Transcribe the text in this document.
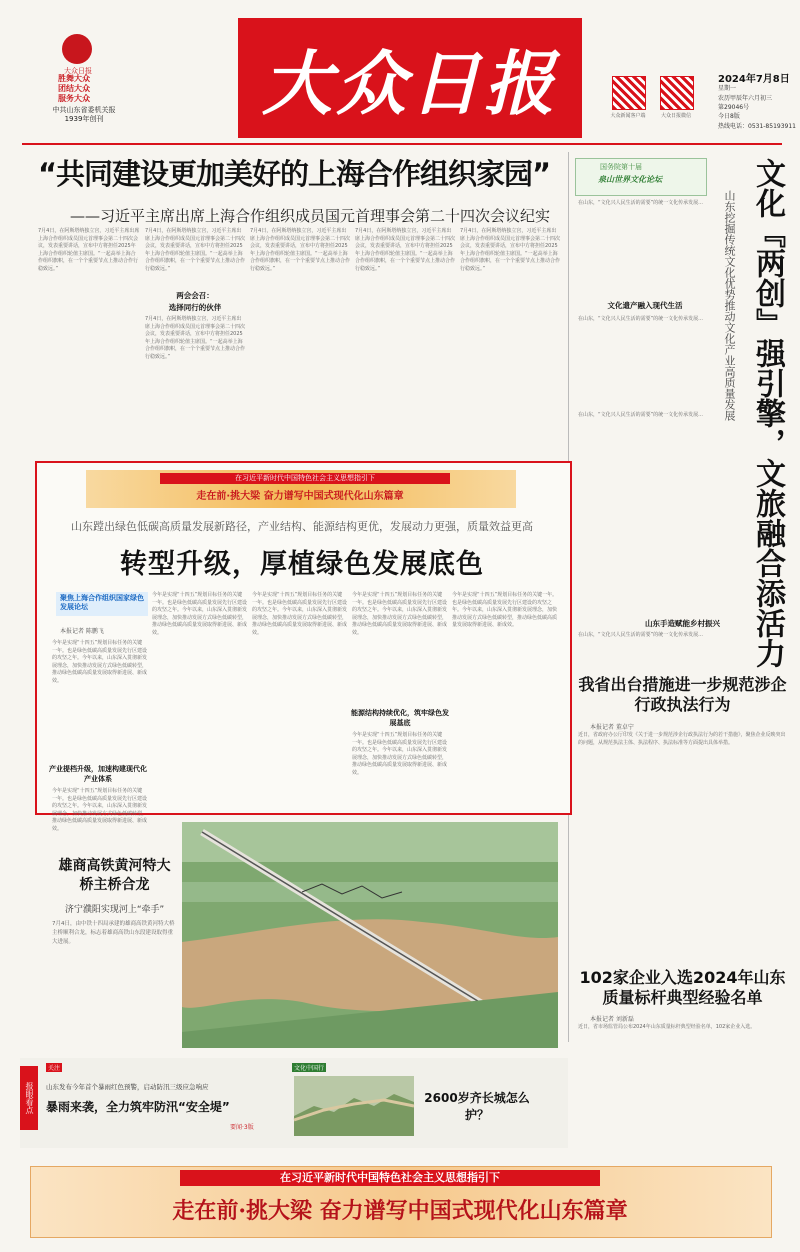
大众日报
胜舞大众
团结大众
服务大众
中共山东省委机关报
1939年创刊 大众日报	大众新闻客户端	大众日报微信
2024年7月8日
星期一
农历甲辰年六月初三
第29046号
今日8版
热线电话：0531-85193911
“共同建设更加美好的上海合作组织家园”
——习近平主席出席上海合作组织成员国元首理事会第二十四次会议纪实
7月4日，在阿斯塔纳独立宫，习近平主席出席上海合作组织成员国元首理事会第二十四次会议，发表重要讲话，宣布中方将担任2025年上海合作组织轮值主席国。“一起高举上海合作组织旗帜，在一个个重要节点上推动合作行稳致远。”
7月4日，在阿斯塔纳独立宫，习近平主席出席上海合作组织成员国元首理事会第二十四次会议，发表重要讲话，宣布中方将担任2025年上海合作组织轮值主席国。“一起高举上海合作组织旗帜，在一个个重要节点上推动合作行稳致远。”
两会会召：
选择同行的伙伴
7月4日，在阿斯塔纳独立宫，习近平主席出席上海合作组织成员国元首理事会第二十四次会议，发表重要讲话，宣布中方将担任2025年上海合作组织轮值主席国。“一起高举上海合作组织旗帜，在一个个重要节点上推动合作行稳致远。”
7月4日，在阿斯塔纳独立宫，习近平主席出席上海合作组织成员国元首理事会第二十四次会议，发表重要讲话，宣布中方将担任2025年上海合作组织轮值主席国。“一起高举上海合作组织旗帜，在一个个重要节点上推动合作行稳致远。”
7月4日，在阿斯塔纳独立宫，习近平主席出席上海合作组织成员国元首理事会第二十四次会议，发表重要讲话，宣布中方将担任2025年上海合作组织轮值主席国。“一起高举上海合作组织旗帜，在一个个重要节点上推动合作行稳致远。”
7月4日，在阿斯塔纳独立宫，习近平主席出席上海合作组织成员国元首理事会第二十四次会议，发表重要讲话，宣布中方将担任2025年上海合作组织轮值主席国。“一起高举上海合作组织旗帜，在一个个重要节点上推动合作行稳致远。”
国务院第十届
泉山世界文化论坛	文化『两创』强引擎，文旅融合添活力
山东挖掘传统文化优势推动文化产业高质量发展
在山东，“文化兴人民生活的需要”的统一文化传承发展...
文化遗产融入现代生活
在山东，“文化兴人民生活的需要”的统一文化传承发展...
在山东，“文化兴人民生活的需要”的统一文化传承发展...
山东手造赋能乡村振兴
在山东，“文化兴人民生活的需要”的统一文化传承发展...
在习近平新时代中国特色社会主义思想指引下
走在前·挑大梁 奋力谱写中国式现代化山东篇章
山东蹚出绿色低碳高质量发展新路径，产业结构、能源结构更优，发展动力更强，质量效益更高
转型升级，厚植绿色发展底色
聚焦上海合作组织国家绿色发展论坛
本报记者 陈鹏飞
今年是实现“十四五”规划目标任务的关键一年。也是绿色低碳高质量发展先行区建设的攻坚之年。今年以来，山东深入贯彻新发展理念，加快推动发展方式绿色低碳转型，推动绿色低碳高质量发展取得新进展、新成效。
产业提档升级，加速构建现代化产业体系
今年是实现“十四五”规划目标任务的关键一年。也是绿色低碳高质量发展先行区建设的攻坚之年。今年以来，山东深入贯彻新发展理念，加快推动发展方式绿色低碳转型，推动绿色低碳高质量发展取得新进展、新成效。
今年是实现“十四五”规划目标任务的关键一年。也是绿色低碳高质量发展先行区建设的攻坚之年。今年以来，山东深入贯彻新发展理念，加快推动发展方式绿色低碳转型，推动绿色低碳高质量发展取得新进展、新成效。
今年是实现“十四五”规划目标任务的关键一年。也是绿色低碳高质量发展先行区建设的攻坚之年。今年以来，山东深入贯彻新发展理念，加快推动发展方式绿色低碳转型，推动绿色低碳高质量发展取得新进展、新成效。
今年是实现“十四五”规划目标任务的关键一年。也是绿色低碳高质量发展先行区建设的攻坚之年。今年以来，山东深入贯彻新发展理念，加快推动发展方式绿色低碳转型，推动绿色低碳高质量发展取得新进展、新成效。
能源结构持续优化，筑牢绿色发展基底
今年是实现“十四五”规划目标任务的关键一年。也是绿色低碳高质量发展先行区建设的攻坚之年。今年以来，山东深入贯彻新发展理念，加快推动发展方式绿色低碳转型，推动绿色低碳高质量发展取得新进展、新成效。
今年是实现“十四五”规划目标任务的关键一年。也是绿色低碳高质量发展先行区建设的攻坚之年。今年以来，山东深入贯彻新发展理念，加快推动发展方式绿色低碳转型，推动绿色低碳高质量发展取得新进展、新成效。
雄商高铁黄河特大桥主桥合龙
济宁濮阳实现河上“牵手”
7月4日，由中铁十四局承建的雄商高铁黄河特大桥主桥顺利合龙，标志着雄商高铁山东段建设取得重大进展。
我省出台措施进一步规范涉企行政执法行为
本报记者 董卓宁
近日，省政府办公厅印发《关于进一步规范涉企行政执法行为的若干措施》，聚焦企业反映突出的问题，从规范执法主体、执法程序、执法标准等方面提出具体举措。
102家企业入选2024年山东质量标杆典型经验名单
本报记者 刘新磊
近日，省市场监管局公布2024年山东质量标杆典型经验名单，102家企业入选。
报眼看点
关注
山东发布今年首个暴雨红色预警，启动防汛三级应急响应
暴雨来袭，全力筑牢防汛“安全堤”
要闻·3版
文化中国行
2600岁齐长城怎么护？
在习近平新时代中国特色社会主义思想指引下
走在前·挑大梁 奋力谱写中国式现代化山东篇章
